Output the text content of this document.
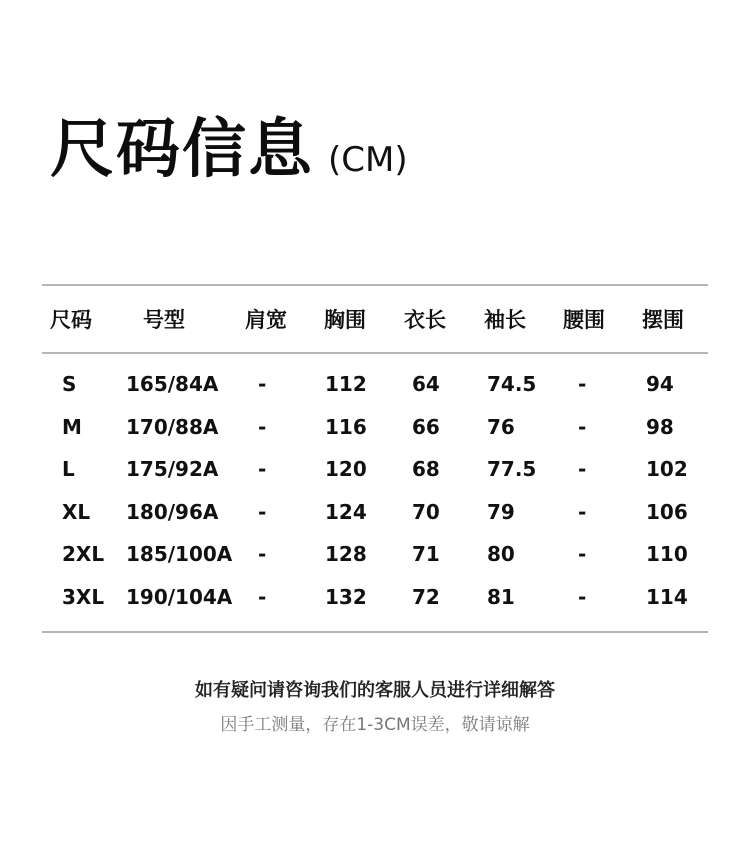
尺码信息 (CM)
尺码 号型	肩宽 胸围 衣长 袖长 腰围 摆围
S 165/84A -	112 64 74.5 -	94
M 170/88A -	116 66 76	-	98
L	175/92A -	120 68 77.5 -	102
XL 180/96A -	124 70 79	-	106
2XL 185/100A -	128 71 80	-	110
3XL 190/104A -	132 72 81	-	114
如有疑问请咨询我们的客服人员进行详细解答
因手工测量，存在1-3CM误差，敬请谅解
